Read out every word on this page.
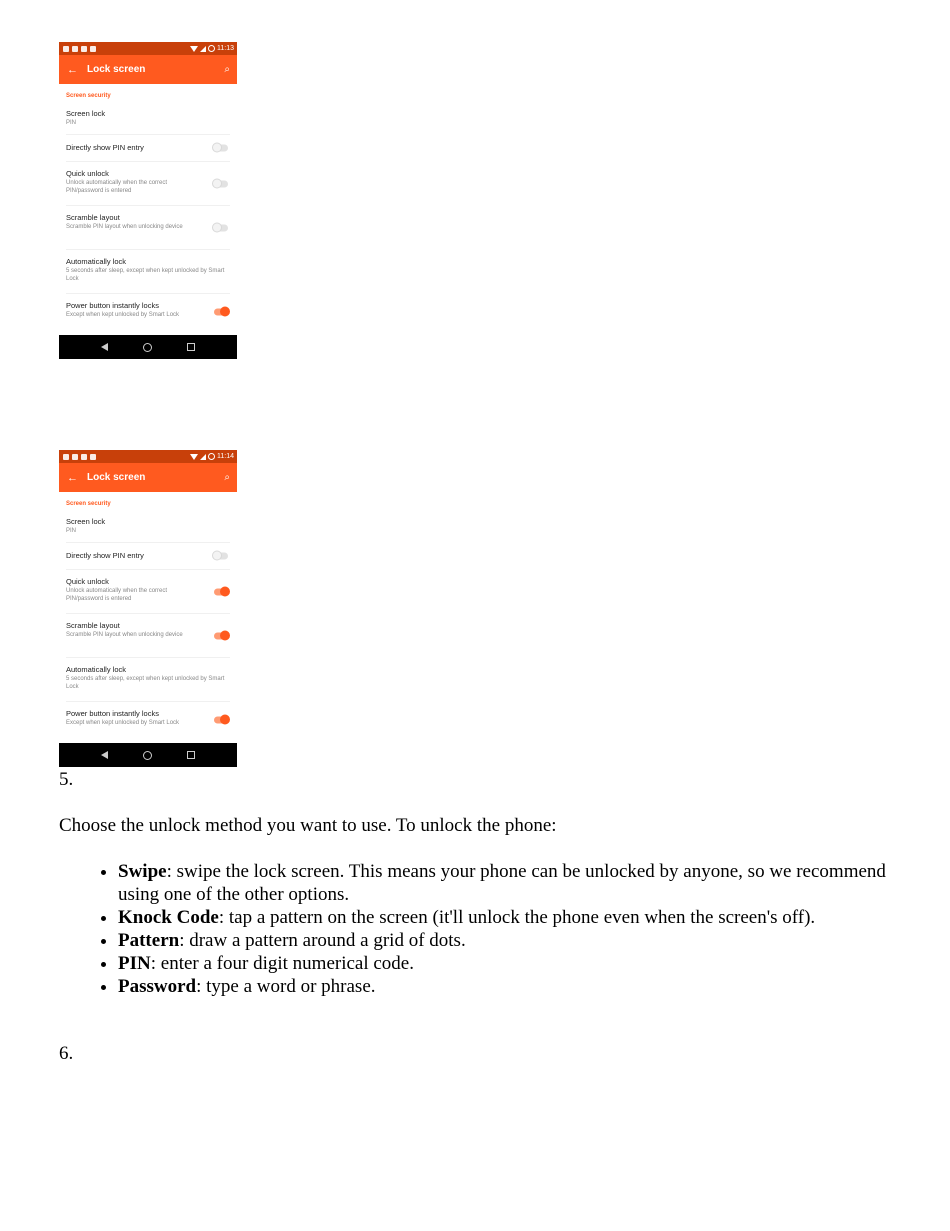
11:13
← Lock screen	⌕
Screen security
Screen lock
PIN
Directly show PIN entry
Quick unlock
Unlock automatically when the correct PIN/password is entered
Scramble layout
Scramble PIN layout when unlocking device
Automatically lock
5 seconds after sleep, except when kept unlocked by Smart Lock
Power button instantly locks
Except when kept unlocked by Smart Lock
11:14
← Lock screen	⌕
Screen security
Screen lock
PIN
Directly show PIN entry
Quick unlock
Unlock automatically when the correct PIN/password is entered
Scramble layout
Scramble PIN layout when unlocking device
Automatically lock
5 seconds after sleep, except when kept unlocked by Smart Lock
Power button instantly locks
Except when kept unlocked by Smart Lock
5.
Choose the unlock method you want to use. To unlock the phone:
• Swipe: swipe the lock screen. This means your phone can be unlocked by anyone, so we recommend using one of the other options.
• Knock Code: tap a pattern on the screen (it'll unlock the phone even when the screen's off).
• Pattern: draw a pattern around a grid of dots.
• PIN: enter a four digit numerical code.
• Password: type a word or phrase.
6.
